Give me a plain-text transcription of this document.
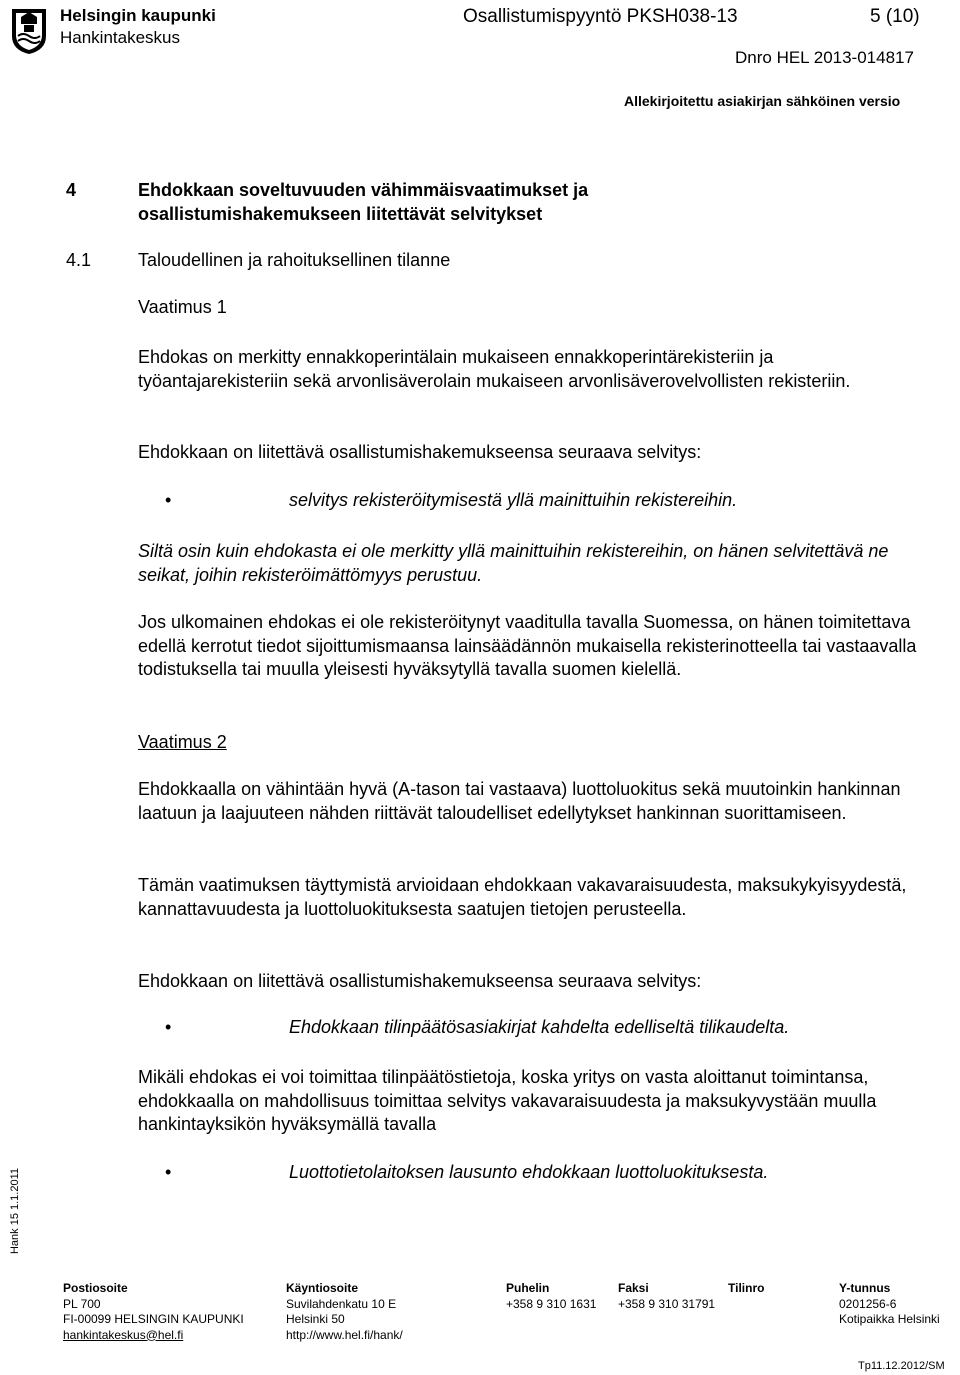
Helsingin kaupunki
Hankintakeskus
Osallistumispyyntö PKSH038-13	5 (10)
Dnro HEL 2013-014817
Allekirjoitettu asiakirjan sähköinen versio
4	Ehdokkaan soveltuvuuden vähimmäisvaatimukset ja
osallistumishakemukseen liitettävät selvitykset
4.1	Taloudellinen ja rahoituksellinen tilanne
Vaatimus 1
Ehdokas on merkitty ennakkoperintälain mukaiseen ennakkoperintärekisteriin ja työantajarekisteriin sekä arvonlisäverolain mukaiseen arvonlisäverovelvollisten rekisteriin.
Ehdokkaan on liitettävä osallistumishakemukseensa seuraava selvitys:
•	selvitys rekisteröitymisestä yllä mainittuihin rekistereihin.
Siltä osin kuin ehdokasta ei ole merkitty yllä mainittuihin rekistereihin, on hänen selvitettävä ne seikat, joihin rekisteröimättömyys perustuu.
Jos ulkomainen ehdokas ei ole rekisteröitynyt vaaditulla tavalla Suomessa, on hänen toimitettava edellä kerrotut tiedot sijoittumismaansa lainsäädännön mukaisella rekisterinotteella tai vastaavalla todistuksella tai muulla yleisesti hyväksytyllä tavalla suomen kielellä.
Vaatimus 2
Ehdokkaalla on vähintään hyvä (A-tason tai vastaava) luottoluokitus sekä muutoinkin hankinnan laatuun ja laajuuteen nähden riittävät taloudelliset edellytykset hankinnan suorittamiseen.
Tämän vaatimuksen täyttymistä arvioidaan ehdokkaan vakavaraisuudesta, maksukykyisyydestä, kannattavuudesta ja luottoluokituksesta saatujen tietojen perusteella.
Ehdokkaan on liitettävä osallistumishakemukseensa seuraava selvitys:
•	Ehdokkaan tilinpäätösasiakirjat kahdelta edelliseltä tilikaudelta.
Mikäli ehdokas ei voi toimittaa tilinpäätöstietoja, koska yritys on vasta aloittanut toimintansa, ehdokkaalla on mahdollisuus toimittaa selvitys vakavaraisuudesta ja maksukyvystään muulla hankintayksikön hyväksymällä tavalla
•	Luottotietolaitoksen lausunto ehdokkaan luottoluokituksesta.
Hank 15 1.1.2011
Postiosoite
PL 700
FI-00099 HELSINGIN KAUPUNKI
hankintakeskus@hel.fi
Käyntiosoite
Suvilahdenkatu 10 E
Helsinki 50
http://www.hel.fi/hank/
Puhelin
+358 9 310 1631
Faksi
+358 9 310 31791
Tilinro	Y-tunnus
0201256-6
Kotipaikka Helsinki
Tp11.12.2012/SM
